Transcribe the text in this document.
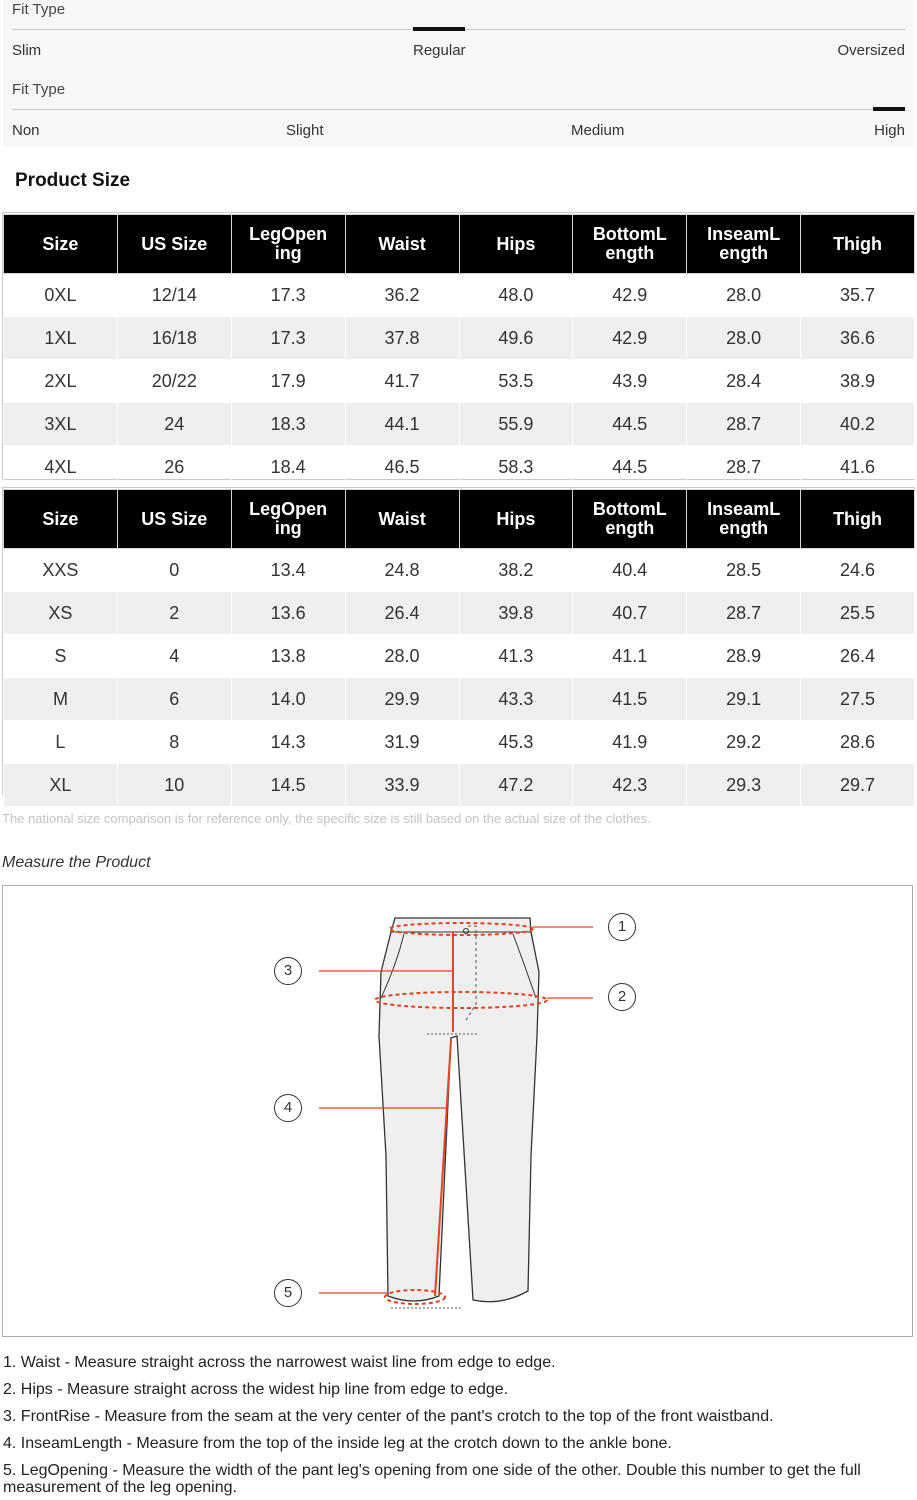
Fit Type
Slim	Regular	Oversized
Fit Type
Non	Slight	Medium	High
Product Size
Size	US Size	LegOpen ing	Waist	Hips	BottomL ength	InseamL ength	Thigh
0XL	12/14	17.3	36.2	48.0	42.9	28.0	35.7
1XL	16/18	17.3	37.8	49.6	42.9	28.0	36.6
2XL	20/22	17.9	41.7	53.5	43.9	28.4	38.9
3XL	24	18.3	44.1	55.9	44.5	28.7	40.2
4XL	26	18.4	46.5	58.3	44.5	28.7	41.6
Size	US Size	LegOpen ing	Waist	Hips	BottomL ength	InseamL ength	Thigh
XXS	0	13.4	24.8	38.2	40.4	28.5	24.6
XS	2	13.6	26.4	39.8	40.7	28.7	25.5
S	4	13.8	28.0	41.3	41.1	28.9	26.4
M	6	14.0	29.9	43.3	41.5	29.1	27.5
L	8	14.3	31.9	45.3	41.9	29.2	28.6
XL	10	14.5	33.9	47.2	42.3	29.3	29.7
The national size comparison is for reference only, the specific size is still based on the actual size of the clothes.
Measure the Product
1
2
3
4
5
1. Waist - Measure straight across the narrowest waist line from edge to edge.
2. Hips - Measure straight across the widest hip line from edge to edge.
3. FrontRise - Measure from the seam at the very center of the pant's crotch to the top of the front waistband.
4. InseamLength - Measure from the top of the inside leg at the crotch down to the ankle bone.
5. LegOpening - Measure the width of the pant leg's opening from one side of the other. Double this number to get the full measurement of the leg opening.
